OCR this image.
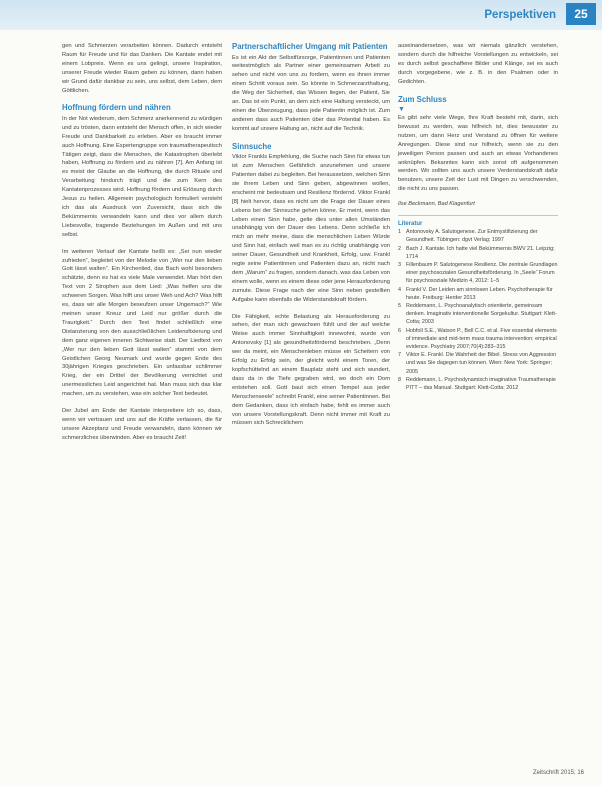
Perspektiven	25

gen und Schmerzen verarbeiten können. Dadurch entsteht Raum für Freude und für das Danken. Die Kantate endet mit einem Lobpreis. Wenn es uns gelingt, unsere Inspiration, unserer Freude wieder Raum geben zu können, dann haben wir Grund dafür dankbar zu sein, uns selbst, dem Leben, dem Göttlichen.

Hoffnung fördern und nähren

In der Not wiederum, dem Schmerz anerkennend zu würdigen und zu trösten, dann entsteht der Mensch offen, in sich wieder Freude und Dankbarkeit zu erleben. Aber es braucht immer auch Hoffnung. Eine Expertengruppe von traumatherapeutisch Tätigen zeigt, dass die Menschen, die Katastrophen überlebt haben, Hoffnung zu fördern und zu nähren [7]. Am Anfang ist es meist der Glaube an die Hoffnung, die durch Rituale und Verarbeitung hindurch trägt und die zum Kern des Kantatenprozesses wird. Hoffnung fördern und Erlösung durch Jesus zu heilen. Allgemein psychologisch formuliert versteht ich das als Ausdruck von Zuversicht, dass sich die Bekümmernis verwandeln kann und dies vor allem durch Liebesvolle, tragende Beziehungen im Außen und mit uns selbst.

Im weiteren Verlauf der Kantate heißt es: „Sei nun wieder zufrieden“, begleitet von der Melodie von „Wer nur den lieben Gott lässt walten“. Ein Kirchenlied, das Bach wohl besonders schätzte, denn es hat es viele Male verwendet. Man hört den Text von 2 Strophen aus dem Lied: „Was helfen uns die schweren Sorgen. Was hilft uns unser Weh und Ach? Was hilft es, dass wir alle Morgen beseufzen unser Ungemach?“ Wie meinen unser Kreuz und Leid nur größer durch die Traurigkeit.“ Durch den Text findet schließlich eine Distanzierung von den ausschließlichen Leidensfixierung und dem ganz eigenen inneren Sichtweise statt. Der Liedtext von „Wer nur den lieben Gott lässt walten“ stammt von dem Geistlichen Georg Neumark und wurde gegen Ende des 30jährigen Krieges geschrieben. Ein unfassbar schlimmer Krieg, der ein Drittel der Bevölkerung vernichtet und unermessliches Leid angerichtet hat. Man muss sich das klar machen, um zu verstehen, was ein solcher Text bedeutet.

Der Jubel am Ende der Kantate interpretiere ich so, dass, wenn wir vertrauen und uns auf die Kräfte verlassen, die für unsere Akzeptanz und Freude verwandeln, dann können wir schmerzliches überwinden. Aber es braucht Zeit!

Partnerschaftlicher Umgang mit Patienten

Es ist ein Akt der Selbstfürsorge, Patientinnen und Patienten weitestmöglich als Partner einer gemeinsamen Arbeit zu sehen und nicht von uns zu fordern, wenn es ihnen immer einen Schritt voraus sein. So könnte in Schmerzarzthaltung, die Weg der Sicherheit, das Wissen liegen, der Patient, Sie an. Das ist ein Punkt, an dem sich eine Haltung versteckt, um einen die Überzeugung, dass jede Patientin möglich ist. Zum anderen dass auch Patienten über das Potential haben. Es kommt auf unsere Haltung an, nicht auf die Technik.

Sinnsuche

Viktor Frankls Empfehlung, die Suche nach Sinn für etwas tun ist zum Menschen Gefährlich anzunehmen und unsere Patienten dabei zu begleiten. Bei heraussetzen, welchen Sinn sie ihrem Leben und Sinn geben, abgewinnen wollen, erscheint mir bedeutsam und Resilienz fördernd. Viktor Frankl [8] hielt hervor, dass es nicht um die Frage der Dauer eines Lebens bei der Sinnsuche gehen könne. Er meint, wenn das Leben einen Sinn habe, gelte dies unter allen Umständen unabhängig von der Dauer des Lebens. Denn schließe ich mich an mehr meine, dass die menschlichen Leben Würde und Sinn hat, einfach weil man es zu richtig unabhängig von seiner Dauer, Gesundheit und Krankheit, Erfolg, usw. Frankl regte seine Patientinnen und Patienten dazu an, nicht nach dem „Warum“ zu fragen, sondern danach, was das Leben von einem wolle, wenn es einem diese oder jene Herausforderung zumute. Diese Frage nach der eine Sinn neben gestellten Aufgabe kann ebenfalls die Widerstandskraft fördern.

Die Fähigkeit, echte Belastung als Herausforderung zu sehen, der man sich gewachsen fühlt und der auf welche Weise auch immer Sinnhaftigkeit innewohnt, wurde von Antonovsky [1] als gesundheitsfördernd beschrieben. „Denn wer da meint, ein Menschenleben müsse ein Scheitern von Erfolg zu Erfolg sein, der gleicht wohl einem Toren, der kopfschüttelnd an einem Bauplatz steht und sich wundert, dass da in die Tiefe gegraben wird, wo doch ein Dom entstehen soll. Gott baut sich einen Tempel aus jeder Menschenseele“ schreibt Frankl, eine seiner Patientinnen. Bei dem Gedanken, dass ich einfach habe, fehlt es immer auch von unsere Vorstellungskraft. Denn nicht immer mit Kraft zu müssen sich Schrecklichem

auseinandersetzen, was wir niemals gänzlich verstehen, sondern durch die hilfreiche Vorstellungen zu entwickeln, sei es durch selbst geschaffene Bilder und Klänge, sei es auch durch vorgegebene, wie z. B. in den Psalmen oder in Gedichten.

Zum Schluss
▼

Es gibt sehr viele Wege, Ihre Kraft besteht mit, darin, sich bewusst zu werden, was hilfreich ist, dies bewusster zu nutzen, um dann Herz und Verstand zu öffnen für weitere Anregungen. Diese sind nur hilfreich, wenn sie zu den jeweiligen Person passen und auch an etwas Vorhandenes anknüpfen. Bekanntes kann sich sonst oft aufgenommen werden. Wir sollten uns auch unsere Verderstandskraft dafür benutzen, unsere Zeit der Lust mit Dingen zu verschwenden, die nicht zu uns passen.

Ilse Beckmann, Bad Klagenfurt
Literatur
1 Antonovsky A. Salutogenese. Zur Entmystifizierung der Gesundheit. Tübingen: dgvt Verlag; 1997
2 Bach J. Kantate. Ich hatte viel Bekümmernis BWV 21. Leipzig; 1714
3 Fillenbaum P. Salutogenese Resilienz. Die zentrale Grundlagen einer psychosozialen Gesundheitsförderung. In „Seele“ Forum für psychosoziale Medizin 4, 2012: 1–5
4 Frankl V. Der Leiden am sinnlosen Leben. Psychotherapie für heute. Freiburg: Herder 2013
5 Reddemann, L. Psychoanalytisch orientierte, gemeinsam denken. Imaginativ interventionelle Sorgekultur. Stuttgart: Klett-Cotta; 2003
6 Hobfoll S.E., Watson P., Bell C.C. et al. Five essential elements of immediate and mid-term mass trauma intervention: empirical evidence. Psychiatry 2007;70(4):283–315
7 Viktor E. Frankl. Die Wahrheit der Bibel. Stress von Aggression und was Sie dagegen tun können. Wien: New York: Springer; 2005
8 Reddemann, L. Psychodynamisch imaginative Traumatherapie PITT – das Manual. Stuttgart: Klett-Cotta; 2012
Zeitschrift 2015; 16
